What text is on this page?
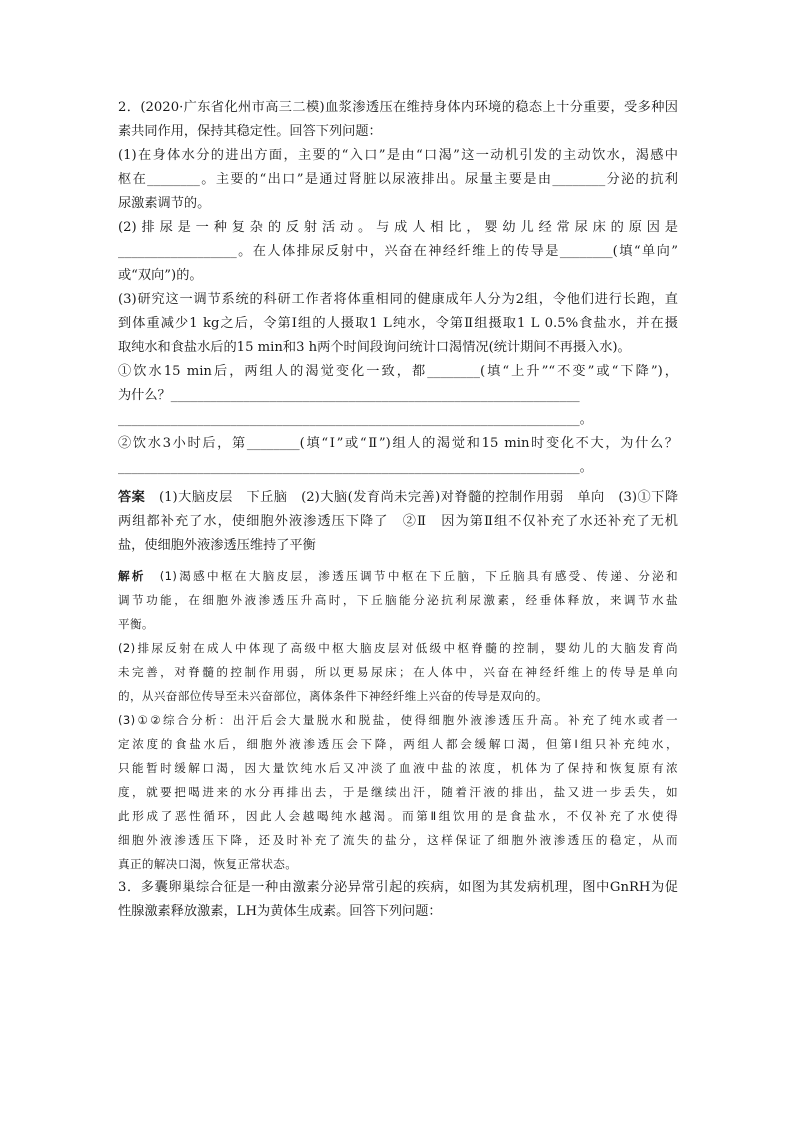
2．(2020·广东省化州市高三二模)血浆渗透压在维持身体内环境的稳态上十分重要，受多种因
素共同作用，保持其稳定性。回答下列问题：
(1)在身体水分的进出方面，主要的“入口”是由“口渴”这一动机引发的主动饮水，渴感中
枢在________。主要的“出口”是通过肾脏以尿液排出。尿量主要是由________分泌的抗利
尿激素调节的。
(2)排尿是一种复杂的反射活动。与成人相比，婴幼儿经常尿床的原因是
__________________。在人体排尿反射中，兴奋在神经纤维上的传导是________(填“单向”
或“双向”)的。
(3)研究这一调节系统的科研工作者将体重相同的健康成年人分为2组，令他们进行长跑，直
到体重减少1 kg之后，令第Ⅰ组的人摄取1 L纯水，令第Ⅱ组摄取1 L 0.5%食盐水，并在摄
取纯水和食盐水后的15 min和3 h两个时间段询问统计口渴情况(统计期间不再摄入水)。
①饮水15 min后，两组人的渴觉变化一致，都________(填“上升”“不变”或“下降”)，
为什么？______________________________________________________________
______________________________________________________________________。
②饮水3小时后，第________(填“Ⅰ”或“Ⅱ”)组人的渴觉和15 min时变化不大，为什么？
______________________________________________________________________。
答案　 (1)大脑皮层　下丘脑　(2)大脑(发育尚未完善)对脊髓的控制作用弱　单向　(3)①下降
两组都补充了水，使细胞外液渗透压下降了　②Ⅱ　因为第Ⅱ组不仅补充了水还补充了无机
盐，使细胞外液渗透压维持了平衡
解析　 (1)渴感中枢在大脑皮层，渗透压调节中枢在下丘脑，下丘脑具有感受、传递、分泌和
调节功能，在细胞外液渗透压升高时，下丘脑能分泌抗利尿激素，经垂体释放，来调节水盐
平衡。
(2)排尿反射在成人中体现了高级中枢大脑皮层对低级中枢脊髓的控制，婴幼儿的大脑发育尚
未完善，对脊髓的控制作用弱，所以更易尿床；在人体中，兴奋在神经纤维上的传导是单向
的，从兴奋部位传导至未兴奋部位，离体条件下神经纤维上兴奋的传导是双向的。
(3)①②综合分析：出汗后会大量脱水和脱盐，使得细胞外液渗透压升高。补充了纯水或者一
定浓度的食盐水后，细胞外液渗透压会下降，两组人都会缓解口渴，但第Ⅰ组只补充纯水，
只能暂时缓解口渴，因大量饮纯水后又冲淡了血液中盐的浓度，机体为了保持和恢复原有浓
度，就要把喝进来的水分再排出去，于是继续出汗，随着汗液的排出，盐又进一步丢失，如
此形成了恶性循环，因此人会越喝纯水越渴。而第Ⅱ组饮用的是食盐水，不仅补充了水使得
细胞外液渗透压下降，还及时补充了流失的盐分，这样保证了细胞外液渗透压的稳定，从而
真正的解决口渴，恢复正常状态。
3．多囊卵巢综合征是一种由激素分泌异常引起的疾病，如图为其发病机理，图中GnRH为促
性腺激素释放激素，LH为黄体生成素。回答下列问题：
